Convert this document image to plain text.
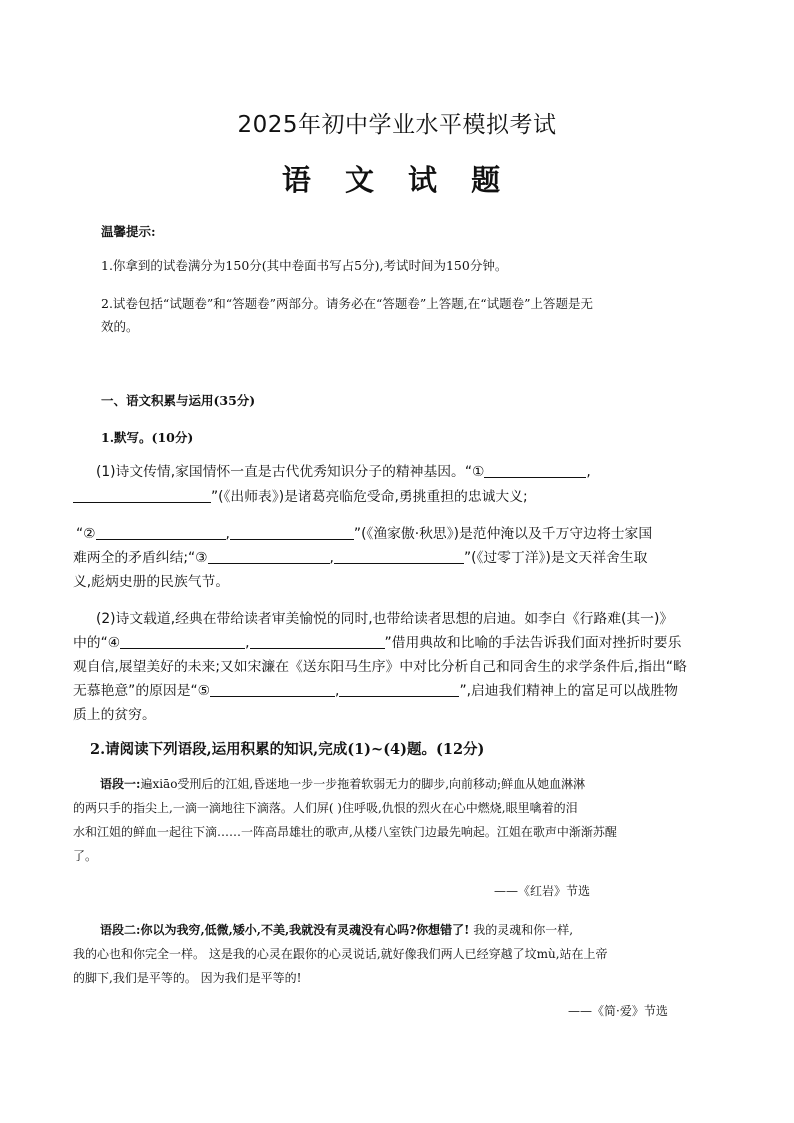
2025年初中学业水平模拟考试
语 文 试 题
温馨提示:
1.你拿到的试卷满分为150分(其中卷面书写占5分),考试时间为150分钟。
2.试卷包括“试题卷”和“答题卷”两部分。请务必在“答题卷”上答题,在“试题卷”上答题是无
效的。
一、语文积累与运用(35分)
1.默写。(10分)
(1)诗文传情,家国情怀一直是古代优秀知识分子的精神基因。“①	,
”(《出师表》)是诸葛亮临危受命,勇挑重担的忠诚大义;
“②	,	”(《渔家傲·秋思》)是范仲淹以及千万守边将士家国
难两全的矛盾纠结;“③	,	”(《过零丁洋》)是文天祥舍生取
义,彪炳史册的民族气节。
(2)诗文载道,经典在带给读者审美愉悦的同时,也带给读者思想的启迪。如李白《行路难(其一)》
中的“④	,	”借用典故和比喻的手法告诉我们面对挫折时要乐
观自信,展望美好的未来;又如宋濂在《送东阳马生序》中对比分析自己和同舍生的求学条件后,指出“略
无慕艳意”的原因是“⑤	,	”,启迪我们精神上的富足可以战胜物
质上的贫穷。
2.请阅读下列语段,运用积累的知识,完成(1)~(4)题。(12分)
语段一:遍xiāo受刑后的江姐,昏迷地一步一步拖着软弱无力的脚步,向前移动;鲜血从她血淋淋
的两只手的指尖上,一滴一滴地往下滴落。人们屏( )住呼吸,仇恨的烈火在心中燃烧,眼里噙着的泪
水和江姐的鲜血一起往下滴……一阵高昂雄壮的歌声,从楼八室铁门边最先响起。江姐在歌声中渐渐苏醒
了。
——《红岩》节选
语段二:你以为我穷,低微,矮小,不美,我就没有灵魂没有心吗?你想错了! 我的灵魂和你一样,
我的心也和你完全一样。 这是我的心灵在跟你的心灵说话,就好像我们两人已经穿越了坟mù,站在上帝
的脚下,我们是平等的。 因为我们是平等的!
——《简·爱》节选
